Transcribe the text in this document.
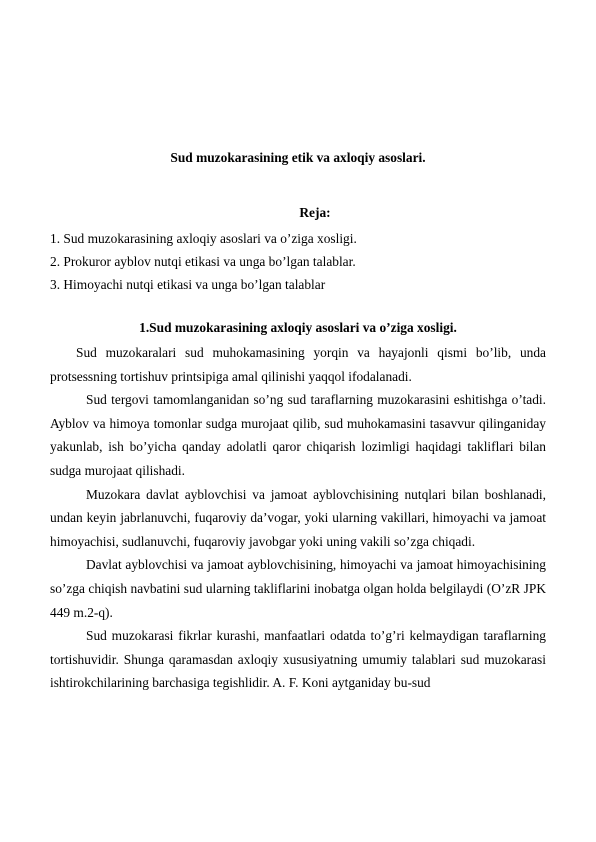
Sud muzokarasining etik va axloqiy asoslari.
Reja:
1. Sud muzokarasining axloqiy asoslari va o’ziga xosligi.
2. Prokuror ayblov nutqi etikasi va unga bo’lgan talablar.
3. Himoyachi nutqi etikasi va unga bo’lgan talablar
1.Sud muzokarasining axloqiy asoslari va o’ziga xosligi.

Sud muzokaralari sud muhokamasining yorqin va hayajonli qismi bo’lib, unda protsessning tortishuv printsipiga amal qilinishi yaqqol ifodalanadi.

Sud tergovi tamomlanganidan so’ng sud taraflarning muzokarasini eshitishga o’tadi. Ayblov va himoya tomonlar sudga murojaat qilib, sud muhokamasini tasavvur qilinganiday yakunlab, ish bo’yicha qanday adolatli qaror chiqarish lozimligi haqidagi takliflari bilan sudga murojaat qilishadi.

Muzokara davlat ayblovchisi va jamoat ayblovchisining nutqlari bilan boshlanadi, undan keyin jabrlanuvchi, fuqaroviy da’vogar, yoki ularning vakillari, himoyachi va jamoat himoyachisi, sudlanuvchi, fuqaroviy javobgar yoki uning vakili so’zga chiqadi.

Davlat ayblovchisi va jamoat ayblovchisining, himoyachi va jamoat himoyachisining so’zga chiqish navbatini sud ularning takliflarini inobatga olgan holda belgilaydi (O’zR JPK 449 m.2-q).

Sud muzokarasi fikrlar kurashi, manfaatlari odatda to’g’ri kelmaydigan taraflarning tortishuvidir. Shunga qaramasdan axloqiy xususiyatning umumiy talablari sud muzokarasi ishtirokchilarining barchasiga tegishlidir. A. F. Koni aytganiday bu-sud
